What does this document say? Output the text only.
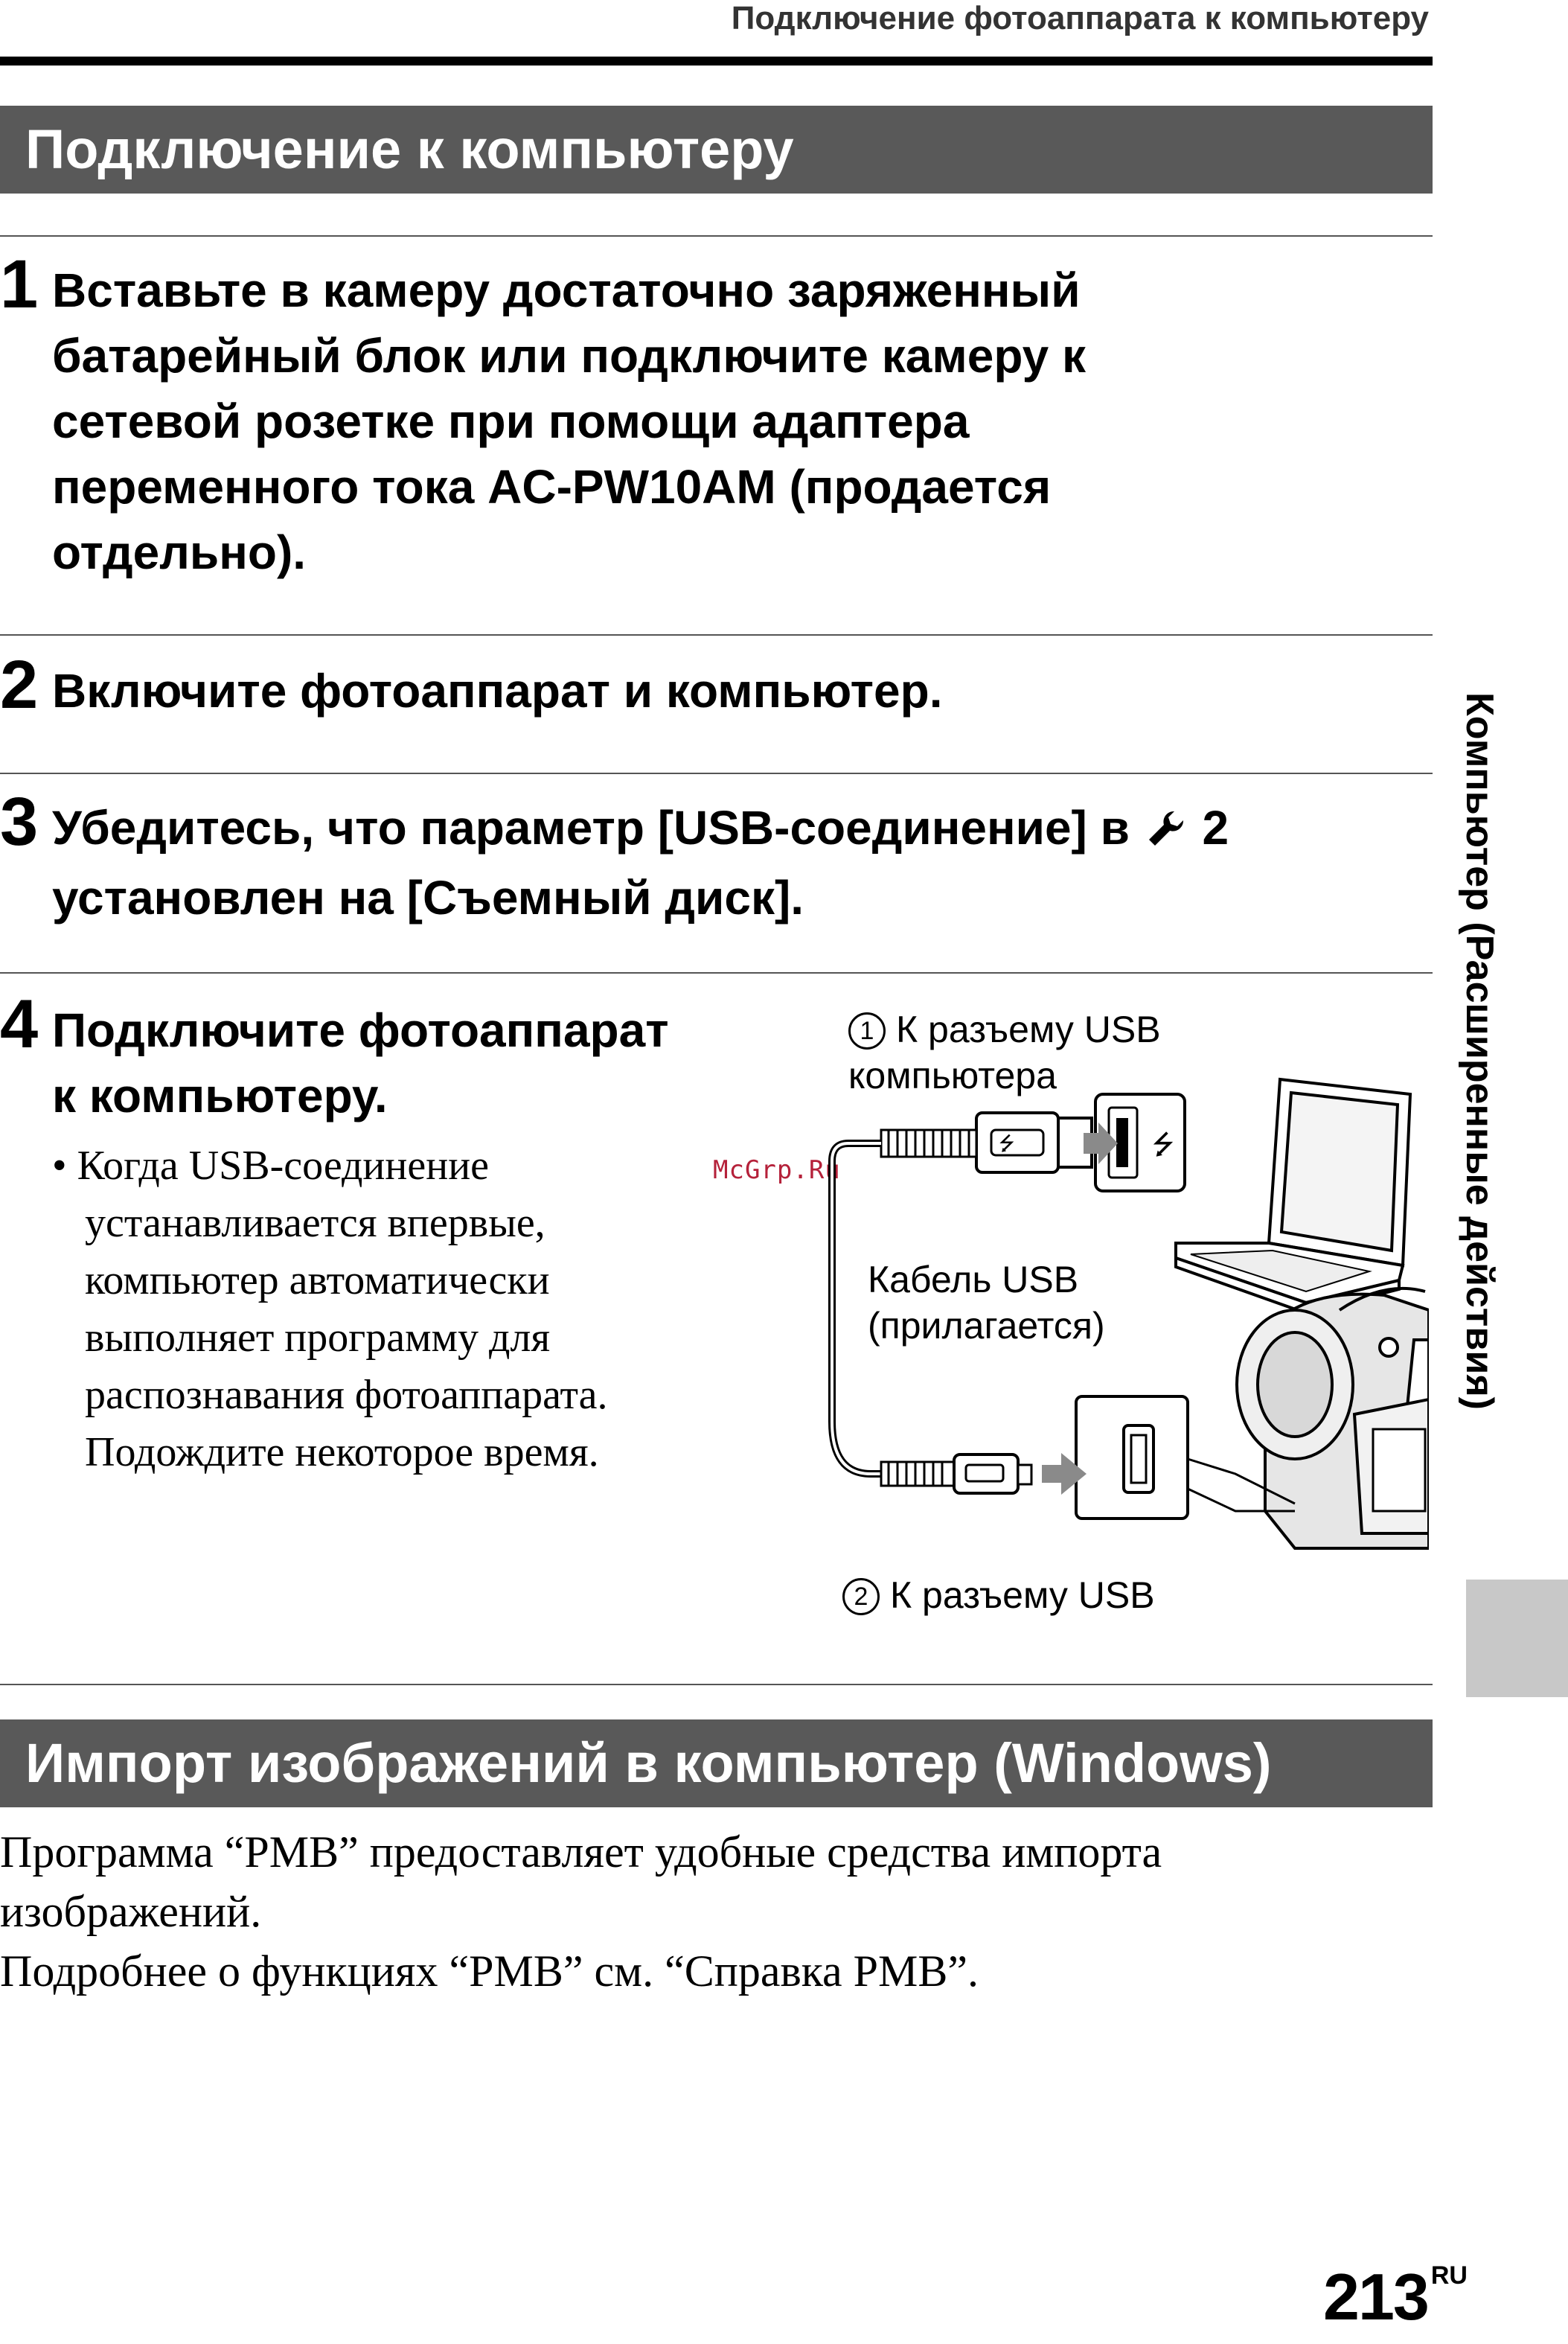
Подключение фотоаппарата к компьютеру
Подключение к компьютеру
1 Вставьте в камеру достаточно заряженный

батарейный блок или подключите камеру к

сетевой розетке при помощи адаптера

переменного тока AC-PW10AM (продается

отдельно).

2 Включите фотоаппарат и компьютер.

3 Убедитесь, что параметр [USB-соединение] в 2

установлен на [Съемный диск].

4 Подключите фотоаппарат

к компьютеру.

• Когда USB-соединение

устанавливается впервые,

компьютер автоматически

выполняет программу для

распознавания фотоаппарата.

Подождите некоторое время.

McGrp.Ru
⭍
⭍
1 К разъему USB
компьютера
Кабель USB
(прилагается)
2 К разъему USB
Импорт изображений в компьютер (Windows)

Программа “PMB” предоставляет удобные средства импорта

изображений.

Подробнее о функциях “PMB” см. “Справка PMB”.

Компьютер (Расширенные действия)
213 $^{RU}$
